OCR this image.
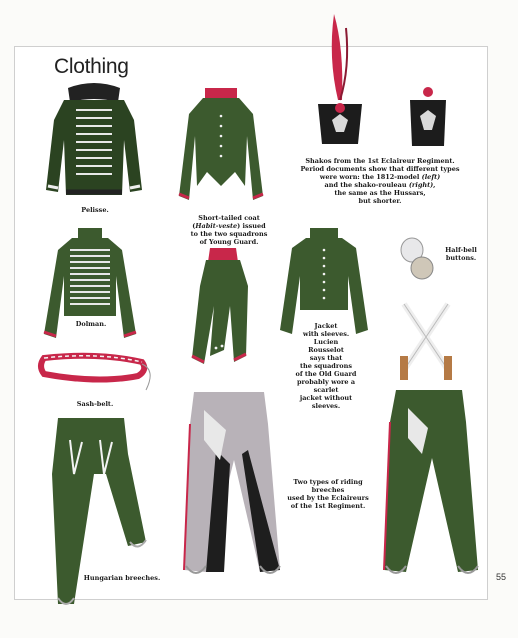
Clothing
Pelisse.
Short-tailed coat
(Habit-veste) issued
to the two squadrons
of Young Guard.
Shakos from the 1st Eclaireur Regiment.
Period documents show that different types
were worn: the 1812-model (left)
and the shako-rouleau (right),
the same as the Hussars,
but shorter.
Half-bell
buttons.
Dolman.	Jacket
with sleeves.
Lucien
Rousselot
says that
the squadrons
of the Old Guard
probably wore a scarlet
jacket without sleeves.
Sash-belt.
Hungarian breeches.
Two types of riding breeches
used by the Eclaireurs
of the 1st Regiment.
55
